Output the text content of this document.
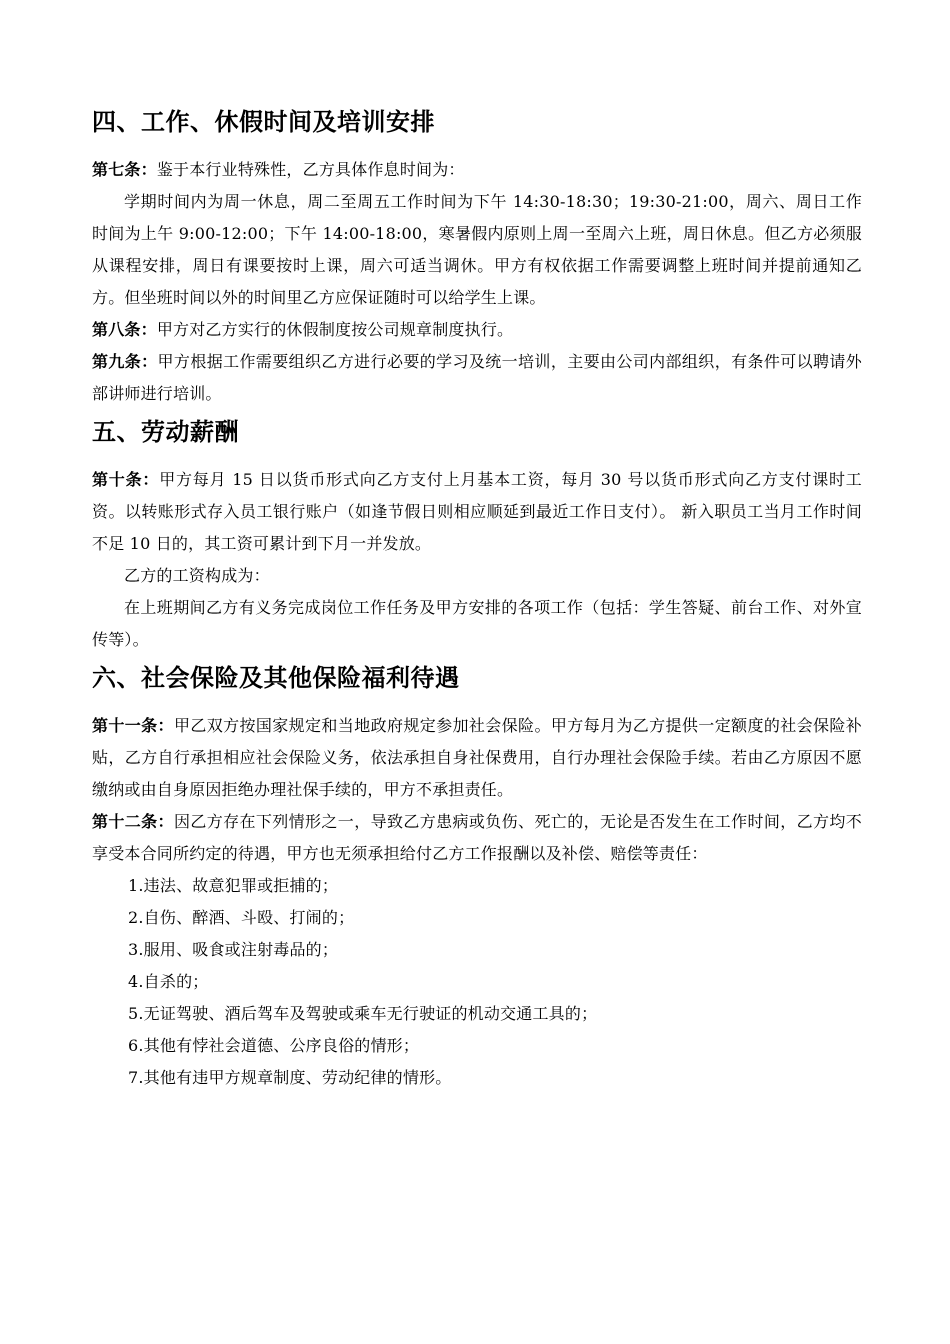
四、工作、休假时间及培训安排

第七条：鉴于本行业特殊性，乙方具体作息时间为：

学期时间内为周一休息，周二至周五工作时间为下午 14:30-18:30；19:30-21:00，周六、周日工作时间为上午 9:00-12:00；下午 14:00-18:00，寒暑假内原则上周一至周六上班，周日休息。但乙方必须服从课程安排，周日有课要按时上课，周六可适当调休。甲方有权依据工作需要调整上班时间并提前通知乙方。但坐班时间以外的时间里乙方应保证随时可以给学生上课。

第八条：甲方对乙方实行的休假制度按公司规章制度执行。

第九条：甲方根据工作需要组织乙方进行必要的学习及统一培训，主要由公司内部组织，有条件可以聘请外部讲师进行培训。

五、劳动薪酬

第十条：甲方每月 15 日以货币形式向乙方支付上月基本工资，每月 30 号以货币形式向乙方支付课时工资。以转账形式存入员工银行账户（如逢节假日则相应顺延到最近工作日支付）。 新入职员工当月工作时间不足 10 日的，其工资可累计到下月一并发放。

乙方的工资构成为：

在上班期间乙方有义务完成岗位工作任务及甲方安排的各项工作（包括：学生答疑、前台工作、对外宣传等）。

六、社会保险及其他保险福利待遇

第十一条：甲乙双方按国家规定和当地政府规定参加社会保险。甲方每月为乙方提供一定额度的社会保险补贴，乙方自行承担相应社会保险义务，依法承担自身社保费用，自行办理社会保险手续。若由乙方原因不愿缴纳或由自身原因拒绝办理社保手续的，甲方不承担责任。

第十二条：因乙方存在下列情形之一，导致乙方患病或负伤、死亡的，无论是否发生在工作时间，乙方均不享受本合同所约定的待遇，甲方也无须承担给付乙方工作报酬以及补偿、赔偿等责任：

1.违法、故意犯罪或拒捕的；
2.自伤、醉酒、斗殴、打闹的；
3.服用、吸食或注射毒品的；
4.自杀的；
5.无证驾驶、酒后驾车及驾驶或乘车无行驶证的机动交通工具的；
6.其他有悖社会道德、公序良俗的情形；
7.其他有违甲方规章制度、劳动纪律的情形。
